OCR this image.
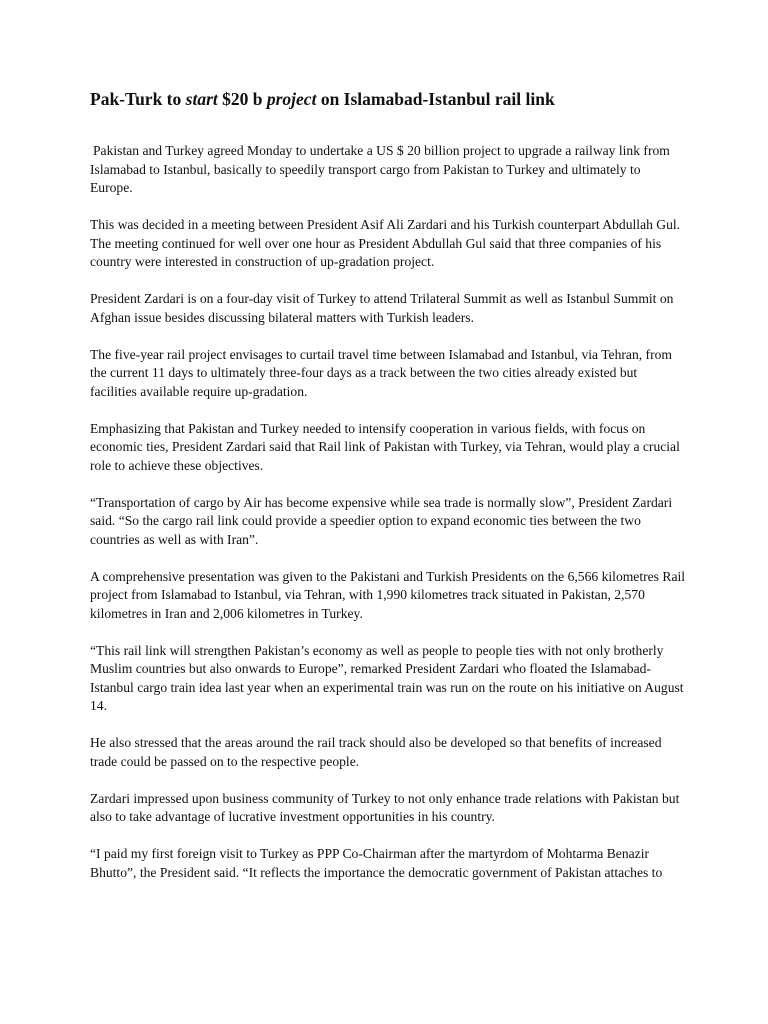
Pak-Turk to start $20 b project on Islamabad-Istanbul rail link

Pakistan and Turkey agreed Monday to undertake a US $ 20 billion project to upgrade a railway link from Islamabad to Istanbul, basically to speedily transport cargo from Pakistan to Turkey and ultimately to Europe.

This was decided in a meeting between President Asif Ali Zardari and his Turkish counterpart Abdullah Gul. The meeting continued for well over one hour as President Abdullah Gul said that three companies of his country were interested in construction of up-gradation project.

President Zardari is on a four-day visit of Turkey to attend Trilateral Summit as well as Istanbul Summit on Afghan issue besides discussing bilateral matters with Turkish leaders.

The five-year rail project envisages to curtail travel time between Islamabad and Istanbul, via Tehran, from the current 11 days to ultimately three-four days as a track between the two cities already existed but facilities available require up-gradation.

Emphasizing that Pakistan and Turkey needed to intensify cooperation in various fields, with focus on economic ties, President Zardari said that Rail link of Pakistan with Turkey, via Tehran, would play a crucial role to achieve these objectives.

“Transportation of cargo by Air has become expensive while sea trade is normally slow”, President Zardari said. “So the cargo rail link could provide a speedier option to expand economic ties between the two countries as well as with Iran”.

A comprehensive presentation was given to the Pakistani and Turkish Presidents on the 6,566 kilometres Rail project from Islamabad to Istanbul, via Tehran, with 1,990 kilometres track situated in Pakistan, 2,570 kilometres in Iran and 2,006 kilometres in Turkey.

“This rail link will strengthen Pakistan’s economy as well as people to people ties with not only brotherly Muslim countries but also onwards to Europe”, remarked President Zardari who floated the Islamabad-Istanbul cargo train idea last year when an experimental train was run on the route on his initiative on August 14.

He also stressed that the areas around the rail track should also be developed so that benefits of increased trade could be passed on to the respective people.

Zardari impressed upon business community of Turkey to not only enhance trade relations with Pakistan but also to take advantage of lucrative investment opportunities in his country.

“I paid my first foreign visit to Turkey as PPP Co-Chairman after the martyrdom of Mohtarma Benazir Bhutto”, the President said. “It reflects the importance the democratic government of Pakistan attaches to
